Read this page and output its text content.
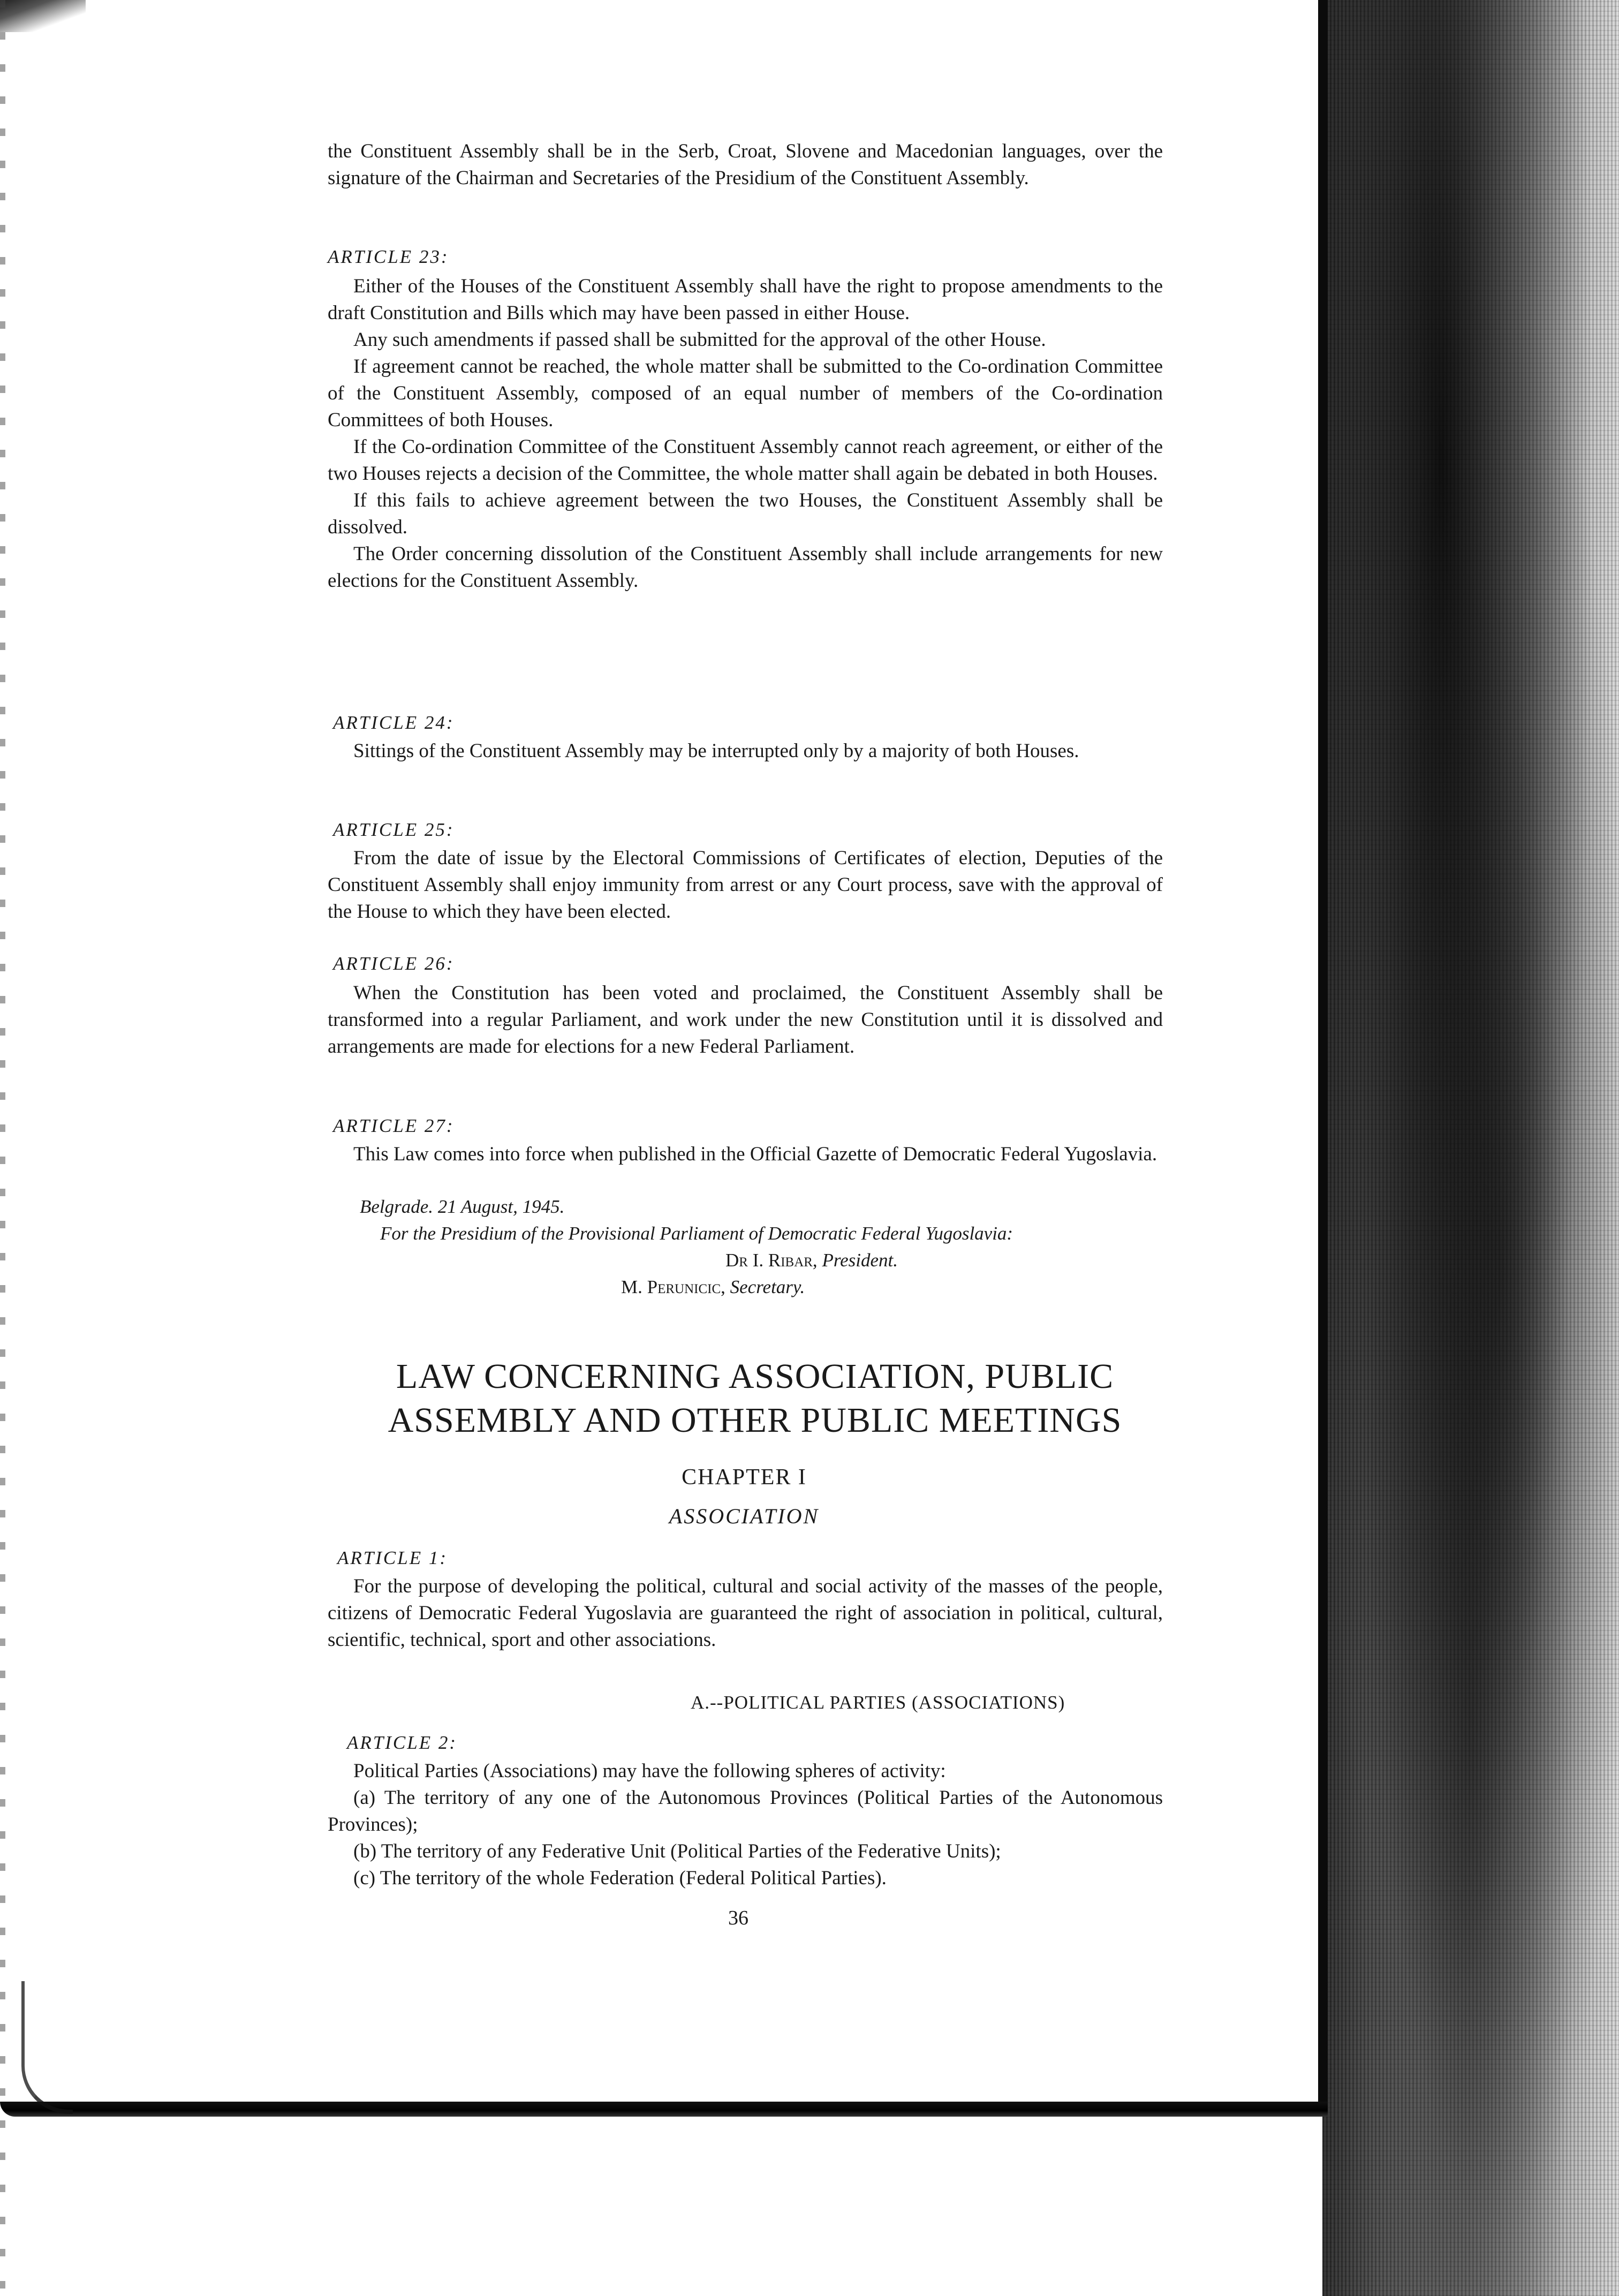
the Constituent Assembly shall be in the Serb, Croat, Slovene and Macedonian languages, over the signature of the Chairman and Secretaries of the Presidium of the Constituent Assembly.

ARTICLE 23:

Either of the Houses of the Constituent Assembly shall have the right to propose amendments to the draft Constitution and Bills which may have been passed in either House.

Any such amendments if passed shall be submitted for the approval of the other House.

If agreement cannot be reached, the whole matter shall be submitted to the Co-ordination Committee of the Constituent Assembly, composed of an equal number of members of the Co-ordination Committees of both Houses.

If the Co-ordination Committee of the Constituent Assembly cannot reach agreement, or either of the two Houses rejects a decision of the Committee, the whole matter shall again be debated in both Houses.

If this fails to achieve agreement between the two Houses, the Constituent Assembly shall be dissolved.

The Order concerning dissolution of the Constituent Assembly shall include arrangements for new elections for the Constituent Assembly.

ARTICLE 24:

Sittings of the Constituent Assembly may be interrupted only by a majority of both Houses.

ARTICLE 25:

From the date of issue by the Electoral Commissions of Certificates of election, Deputies of the Constituent Assembly shall enjoy immunity from arrest or any Court process, save with the approval of the House to which they have been elected.

ARTICLE 26:

When the Constitution has been voted and proclaimed, the Constituent Assembly shall be transformed into a regular Parliament, and work under the new Constitution until it is dissolved and arrangements are made for elections for a new Federal Parliament.

ARTICLE 27:

This Law comes into force when published in the Official Gazette of Democratic Federal Yugoslavia.

Belgrade. 21 August, 1945.
For the Presidium of the Provisional Parliament of Democratic Federal Yugoslavia:
Dr I. Ribar, President.
M. Perunicic, Secretary.
LAW CONCERNING ASSOCIATION, PUBLIC
ASSEMBLY AND OTHER PUBLIC MEETINGS
CHAPTER I
ASSOCIATION
ARTICLE 1:

For the purpose of developing the political, cultural and social activity of the masses of the people, citizens of Democratic Federal Yugoslavia are guaranteed the right of association in political, cultural, scientific, technical, sport and other associations.

A.--POLITICAL PARTIES (ASSOCIATIONS)
ARTICLE 2:

Political Parties (Associations) may have the following spheres of activity:

(a) The territory of any one of the Autonomous Provinces (Political Parties of the Autonomous Provinces);

(b) The territory of any Federative Unit (Political Parties of the Federative Units);

(c) The territory of the whole Federation (Federal Political Parties).

36
